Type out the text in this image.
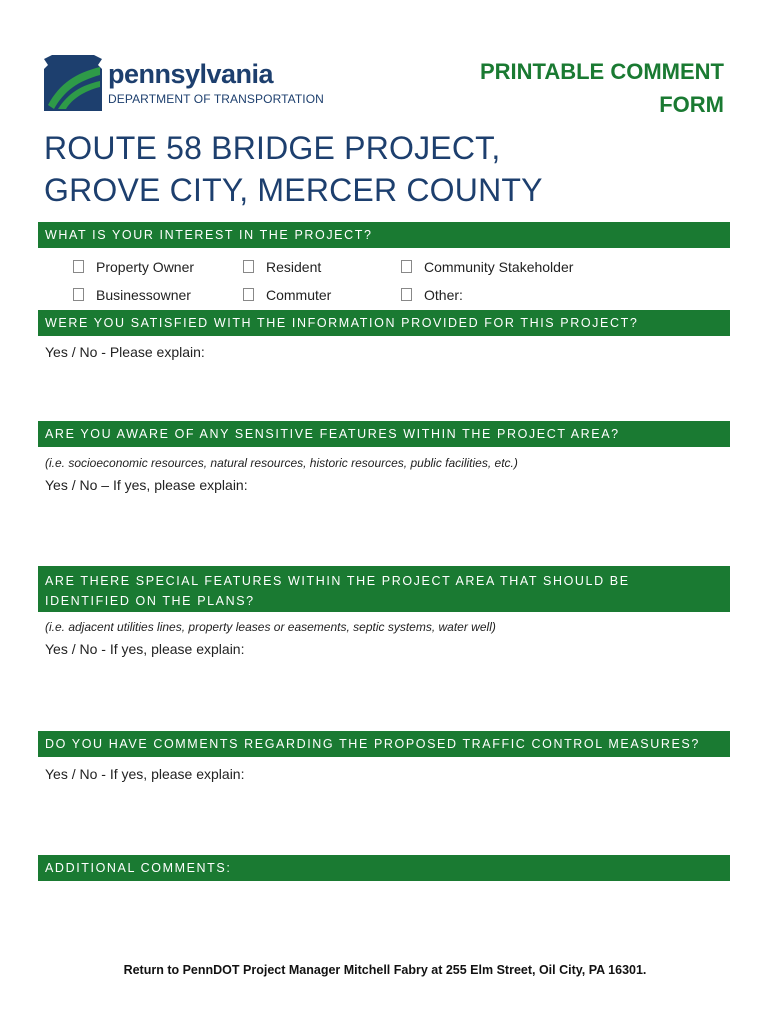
pennsylvania
DEPARTMENT OF TRANSPORTATION
PRINTABLE COMMENT
FORM
ROUTE 58 BRIDGE PROJECT,
GROVE CITY, MERCER COUNTY
WHAT IS YOUR INTEREST IN THE PROJECT?
Property Owner	Resident	Community Stakeholder
Businessowner	Commuter	Other:
WERE YOU SATISFIED WITH THE INFORMATION PROVIDED FOR THIS PROJECT?
Yes / No - Please explain:
ARE YOU AWARE OF ANY SENSITIVE FEATURES WITHIN THE PROJECT AREA?
(i.e. socioeconomic resources, natural resources, historic resources, public facilities, etc.)
Yes / No – If yes, please explain:
ARE THERE SPECIAL FEATURES WITHIN THE PROJECT AREA THAT SHOULD BE
IDENTIFIED ON THE PLANS?
(i.e. adjacent utilities lines, property leases or easements, septic systems, water well)
Yes / No - If yes, please explain:
DO YOU HAVE COMMENTS REGARDING THE PROPOSED TRAFFIC CONTROL MEASURES?
Yes / No - If yes, please explain:
ADDITIONAL COMMENTS:
Return to PennDOT Project Manager Mitchell Fabry at 255 Elm Street, Oil City, PA 16301.
